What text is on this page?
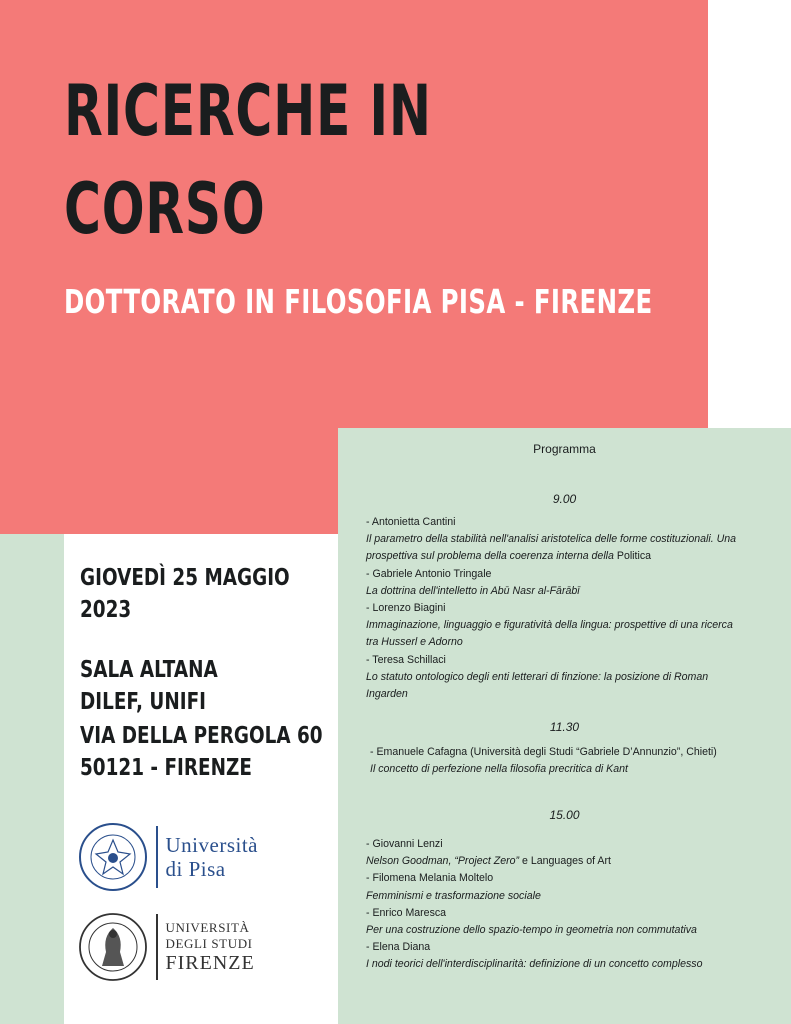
RICERCHE IN
CORSO
DOTTORATO IN FILOSOFIA PISA - FIRENZE
GIOVEDÌ 25 MAGGIO
2023
SALA ALTANA
DILEF, UNIFI
VIA DELLA PERGOLA 60
50121 - FIRENZE
Università
di Pisa
UNIVERSITÀ
DEGLI STUDI
FIRENZE
Programma
9.00
- Antonietta Cantini
Il parametro della stabilità nell'analisi aristotelica delle forme costituzionali. Una
prospettiva sul problema della coerenza interna della Politica
- Gabriele Antonio Tringale
La dottrina dell'intelletto in Abū Nasr al-Fārābī
- Lorenzo Biagini
Immaginazione, linguaggio e figuratività della lingua: prospettive di una ricerca
tra Husserl e Adorno
- Teresa Schillaci
Lo statuto ontologico degli enti letterari di finzione: la posizione di Roman
Ingarden
11.30
- Emanuele Cafagna (Università degli Studi “Gabriele D’Annunzio”, Chieti)
Il concetto di perfezione nella filosofia precritica di Kant
15.00
- Giovanni Lenzi
Nelson Goodman, “Project Zero” e Languages of Art
- Filomena Melania Moltelo
Femminismi e trasformazione sociale
- Enrico Maresca
Per una costruzione dello spazio-tempo in geometria non commutativa
- Elena Diana
I nodi teorici dell'interdisciplinarità: definizione di un concetto complesso
